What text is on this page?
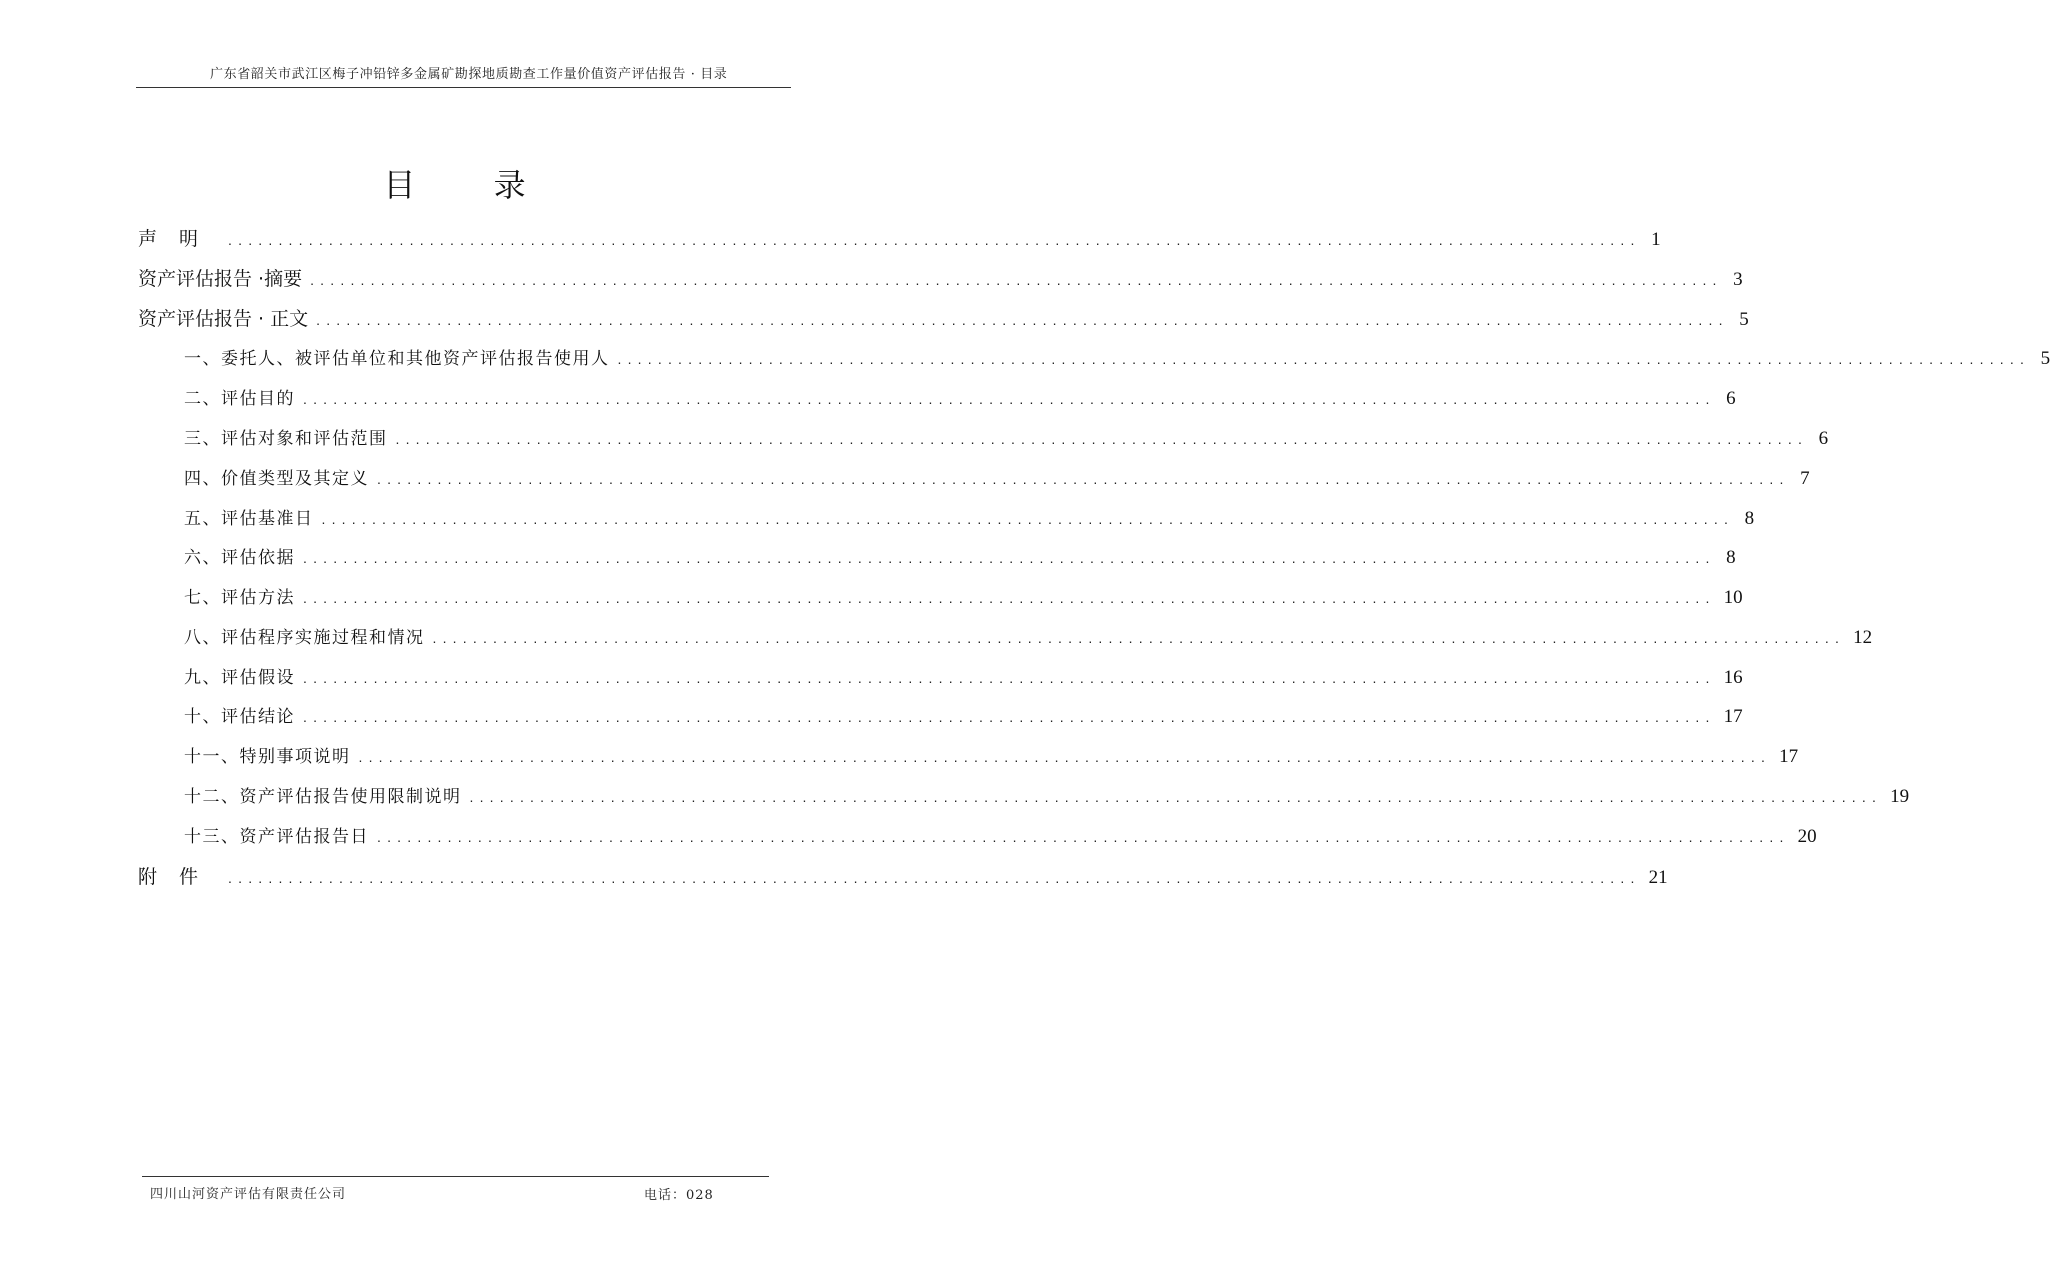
广东省韶关市武江区梅子冲铅锌多金属矿勘探地质勘查工作量价值资产评估报告 · 目录
目 录
声明 ............................................................................................................................................ 1
资产评估报告 ·摘要 ............................................................................................................................................ 3
资产评估报告 · 正文 ............................................................................................................................................ 5
一、委托人、被评估单位和其他资产评估报告使用人 ............................................................................................................................................ 5
二、评估目的 ............................................................................................................................................ 6
三、评估对象和评估范围 ............................................................................................................................................ 6
四、价值类型及其定义 ............................................................................................................................................ 7
五、评估基准日 ............................................................................................................................................ 8
六、评估依据 ............................................................................................................................................ 8
七、评估方法 ............................................................................................................................................ 10
八、评估程序实施过程和情况 ............................................................................................................................................ 12
九、评估假设 ............................................................................................................................................ 16
十、评估结论 ............................................................................................................................................ 17
十一、特别事项说明 ............................................................................................................................................ 17
十二、资产评估报告使用限制说明 ............................................................................................................................................ 19
十三、资产评估报告日 ............................................................................................................................................ 20
附件 ............................................................................................................................................ 21
四川山河资产评估有限责任公司	电话：028
